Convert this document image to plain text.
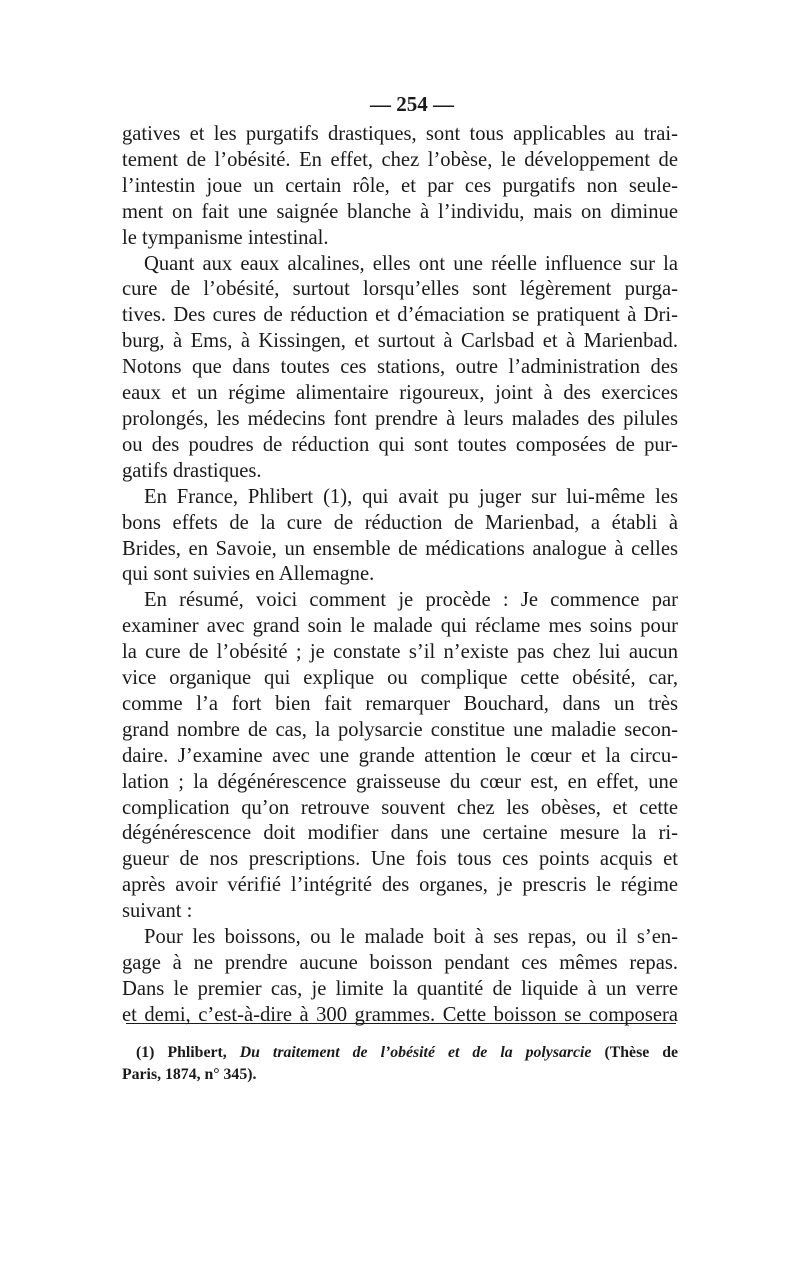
— 254 —

gatives et les purgatifs drastiques, sont tous applicables au trai-

tement de l’obésité. En effet, chez l’obèse, le développement de

l’intestin joue un certain rôle, et par ces purgatifs non seule-

ment on fait une saignée blanche à l’individu, mais on diminue

le tympanisme intestinal.

Quant aux eaux alcalines, elles ont une réelle influence sur la

cure de l’obésité, surtout lorsqu’elles sont légèrement purga-

tives. Des cures de réduction et d’émaciation se pratiquent à Dri-

burg, à Ems, à Kissingen, et surtout à Carlsbad et à Marienbad.

Notons que dans toutes ces stations, outre l’administration des

eaux et un régime alimentaire rigoureux, joint à des exercices

prolongés, les médecins font prendre à leurs malades des pilules

ou des poudres de réduction qui sont toutes composées de pur-

gatifs drastiques.

En France, Phlibert (1), qui avait pu juger sur lui-même les

bons effets de la cure de réduction de Marienbad, a établi à

Brides, en Savoie, un ensemble de médications analogue à celles

qui sont suivies en Allemagne.

En résumé, voici comment je procède : Je commence par

examiner avec grand soin le malade qui réclame mes soins pour

la cure de l’obésité ; je constate s’il n’existe pas chez lui aucun

vice organique qui explique ou complique cette obésité, car,

comme l’a fort bien fait remarquer Bouchard, dans un très

grand nombre de cas, la polysarcie constitue une maladie secon-

daire. J’examine avec une grande attention le cœur et la circu-

lation ; la dégénérescence graisseuse du cœur est, en effet, une

complication qu’on retrouve souvent chez les obèses, et cette

dégénérescence doit modifier dans une certaine mesure la ri-

gueur de nos prescriptions. Une fois tous ces points acquis et

après avoir vérifié l’intégrité des organes, je prescris le régime

suivant :

Pour les boissons, ou le malade boit à ses repas, ou il s’en-

gage à ne prendre aucune boisson pendant ces mêmes repas.

Dans le premier cas, je limite la quantité de liquide à un verre

et demi, c’est-à-dire à 300 grammes. Cette boisson se composera

(1) Phlibert, Du traitement de l’obésité et de la polysarcie (Thèse de
Paris, 1874, n° 345).
